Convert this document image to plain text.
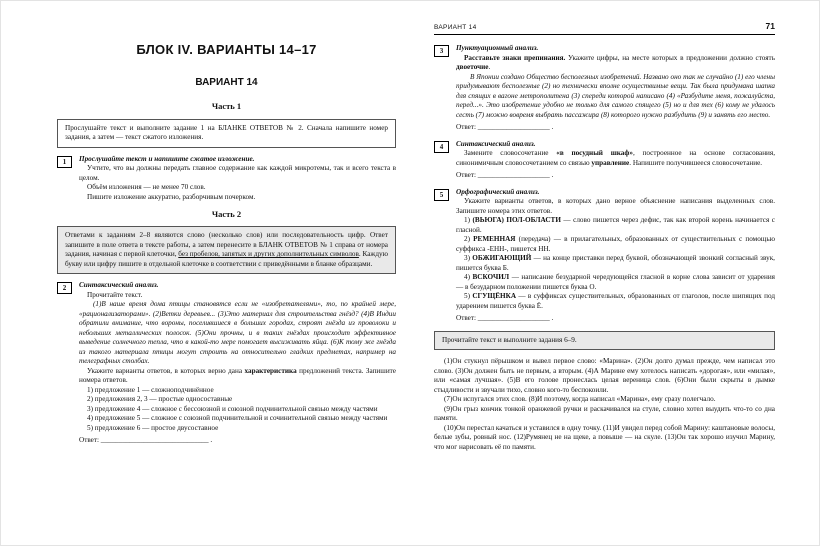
БЛОК IV. ВАРИАНТЫ 14–17
ВАРИАНТ 14
Часть 1

Прослушайте текст и выполните задание 1 на БЛАНКЕ ОТВЕТОВ № 2. Сначала напишите номер задания, а затем — текст сжатого изложения.

1	Прослушайте текст и напишите сжатое изложение.

Учтите, что вы должны передать главное содержание как каждой микротемы, так и всего текста в целом.

Объём изложения — не менее 70 слов.

Пишите изложение аккуратно, разборчивым почерком.

Часть 2

Ответами к заданиям 2–8 являются слово (несколько слов) или последовательность цифр. Ответ запишите в поле ответа в тексте работы, а затем перенесите в БЛАНК ОТВЕТОВ № 1 справа от номера задания, начиная с первой клеточки, без пробелов, запятых и других дополнительных символов. Каждую букву или цифру пишите в отдельной клеточке в соответствии с приведёнными в бланке образцами.

2	Синтаксический анализ.

Прочитайте текст.

(1)В наше время дома птицы становятся если не «изобретателями», то, по крайней мере, «рационализаторами». (2)Ветки деревьев... (3)Это материал для строительства гнёзд? (4)В Индии обратили внимание, что вороны, поселившиеся в больших городах, строят гнёзда из проволоки и небольших металлических полосок. (5)Они прочны, и в таких гнёздах происходит эффективное выведение солнечного тепла, что в какой-то мере помогает высиживать яйца. (6)К тому же гнёзда из такого материала птицы могут строить на относительно гладких предметах, например на телеграфных столбах.

Укажите варианты ответов, в которых верно дана характеристика предложений текста. Запишите номера ответов.

1) предложение 1 — сложноподчинённое

2) предложения 2, 3 — простые односоставные

3) предложение 4 — сложное с бессоюзной и союзной подчинительной связью между частями

4) предложение 5 — сложное с союзной подчинительной и сочинительной связью между частями

5) предложение 6 — простое двусоставное

Ответ: ______________________________ .

ВАРИАНТ 14	71
3	Пунктуационный анализ.

Расставьте знаки препинания. Укажите цифры, на месте которых в предложении должно стоять двоеточие.

В Японии создано Общество бесполезных изобретений. Названо оно так не случайно (1) его члены придумывают бесполезные (2) но технически вполне осуществимые вещи. Так была придумана шапка для спящих в вагоне метрополитена (3) спереди которой написано (4) «Разбудите меня, пожалуйста, перед...». Это изобретение удобно не только для самого спящего (5) но и для тех (6) кому не удалось сесть (7) можно вовремя выбрать пассажира (8) которого нужно разбудить (9) и занять его место.

Ответ: ____________________ .

4	Синтаксический анализ.

Замените словосочетание «в посудный шкаф», построенное на основе согласования, синонимичным словосочетанием со связью управление. Напишите получившееся словосочетание.

Ответ: ____________________ .

5	Орфографический анализ.

Укажите варианты ответов, в которых дано верное объяснение написания выделенных слов. Запишите номера этих ответов.

1) (ВЬЮГА) ПОЛ-ОБЛАСТИ — слово пишется через дефис, так как второй корень начинается с гласной.

2) РЕМЕННАЯ (передача) — в прилагательных, образованных от существительных с помощью суффикса -ЕНН-, пишется НН.

3) ОБЖИГАЮЩИЙ — на конце приставки перед буквой, обозначающей звонкий согласный звук, пишется буква Б.

4) ВСКОЧИЛ — написание безударной чередующейся гласной в корне слова зависит от ударения — в безударном положении пишется буква О.

5) СГУЩЁНКА — в суффиксах существительных, образованных от глаголов, после шипящих под ударением пишется буква Ё.

Ответ: ____________________ .

Прочитайте текст и выполните задания 6–9.

(1)Он стукнул пёрышком и вывел первое слово: «Марина». (2)Он долго думал прежде, чем написал это слово. (3)Он должен быть не первым, а вторым. (4)А Марине ему хотелось написать «дорогая», или «милая», или «самая лучшая». (5)В его голове пронеслась целая вереница слов. (6)Они были скрыты в дымке стыдливости и звучали тихо, словно кого-то беспокоили.

(7)Он испугался этих слов. (8)И поэтому, когда написал «Марина», ему сразу полегчало.

(9)Он грыз кончик тонкой оранжевой ручки и раскачивался на стуле, словно хотел выудить что-то со дна памяти.

(10)Он перестал качаться и уставился в одну точку. (11)И увидел перед собой Марину: каштановые волосы, белые зубы, ровный нос. (12)Румянец не на щеке, а повыше — на скуле. (13)Он так хорошо изучил Марину, что мог нарисовать её по памяти.
